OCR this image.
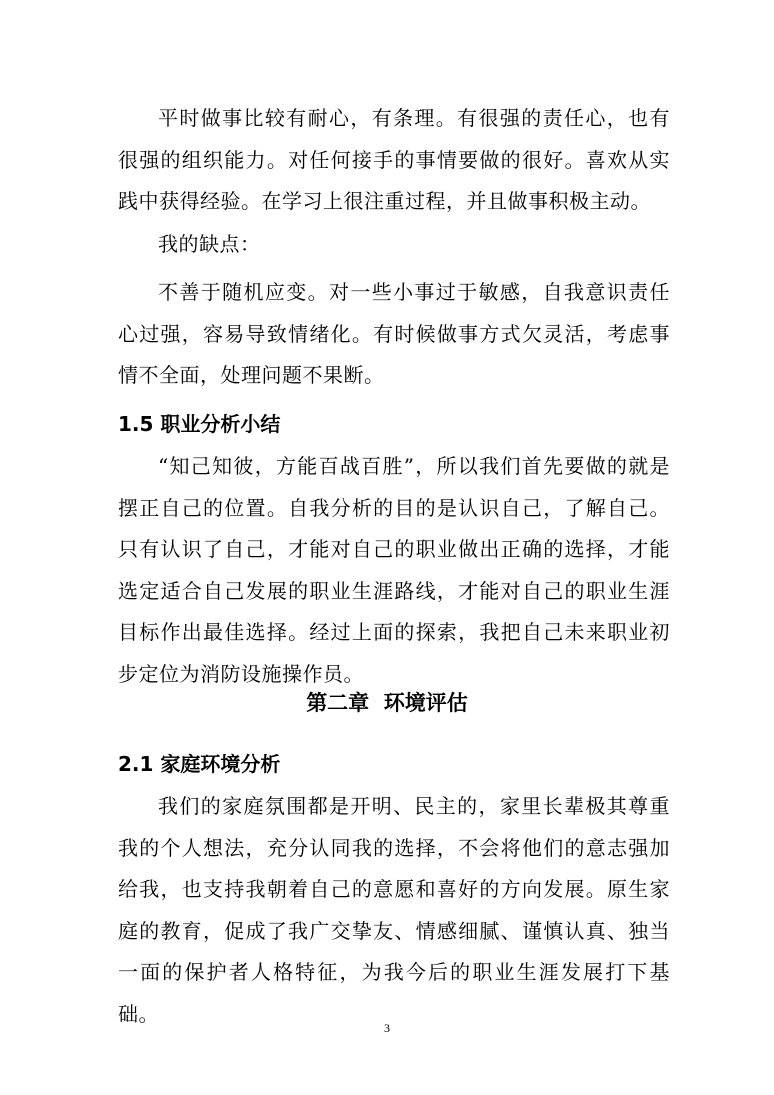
平时做事比较有耐心，有条理。有很强的责任心，也有很强的组织能力。对任何接手的事情要做的很好。喜欢从实践中获得经验。在学习上很注重过程，并且做事积极主动。

我的缺点：

不善于随机应变。对一些小事过于敏感，自我意识责任心过强，容易导致情绪化。有时候做事方式欠灵活，考虑事情不全面，处理问题不果断。

1.5 职业分析小结

“知己知彼，方能百战百胜”，所以我们首先要做的就是摆正自己的位置。自我分析的目的是认识自己，了解自己。只有认识了自己，才能对自己的职业做出正确的选择，才能选定适合自己发展的职业生涯路线，才能对自己的职业生涯目标作出最佳选择。经过上面的探索，我把自己未来职业初步定位为消防设施操作员。

第二章  环境评估
2.1 家庭环境分析

我们的家庭氛围都是开明、民主的，家里长辈极其尊重我的个人想法，充分认同我的选择，不会将他们的意志强加给我，也支持我朝着自己的意愿和喜好的方向发展。原生家庭的教育，促成了我广交挚友、情感细腻、谨慎认真、独当一面的保护者人格特征，为我今后的职业生涯发展打下基础。

3
